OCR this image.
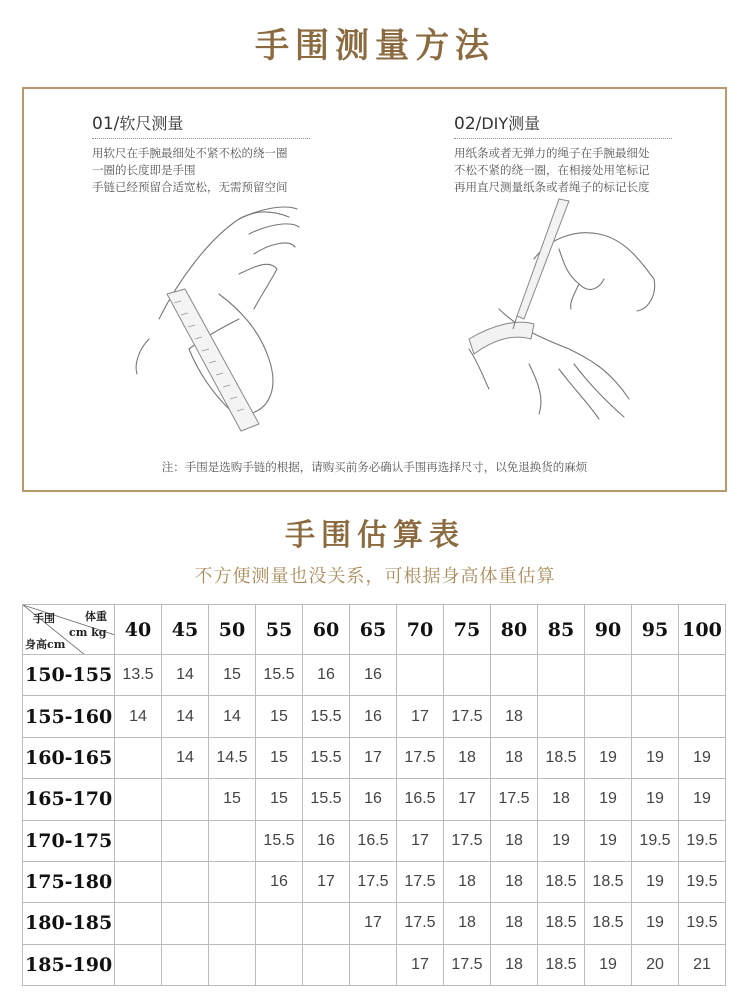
手围测量方法
01/软尺测量
用软尺在手腕最细处不紧不松的绕一圈
一圈的长度即是手围
手链已经预留合适宽松，无需预留空间
02/DIY测量
用纸条或者无弹力的绳子在手腕最细处
不松不紧的绕一圈，在相接处用笔标记
再用直尺测量纸条或者绳子的标记长度
注：手围是选购手链的根据，请购买前务必确认手围再选择尺寸，以免退换货的麻烦
手围估算表
不方便测量也没关系，可根据身高体重估算
手围 体重
cm kg
身高cm	40	45	50	55	60	65	70	75	80	85	90	95	100
150-155	13.5	14	15	15.5	16	16							
155-160	14	14	14	15	15.5	16	17	17.5	18				
160-165		14	14.5	15	15.5	17	17.5	18	18	18.5	19	19	19
165-170			15	15	15.5	16	16.5	17	17.5	18	19	19	19
170-175				15.5	16	16.5	17	17.5	18	19	19	19.5	19.5
175-180				16	17	17.5	17.5	18	18	18.5	18.5	19	19.5
180-185						17	17.5	18	18	18.5	18.5	19	19.5
185-190							17	17.5	18	18.5	19	20	21
